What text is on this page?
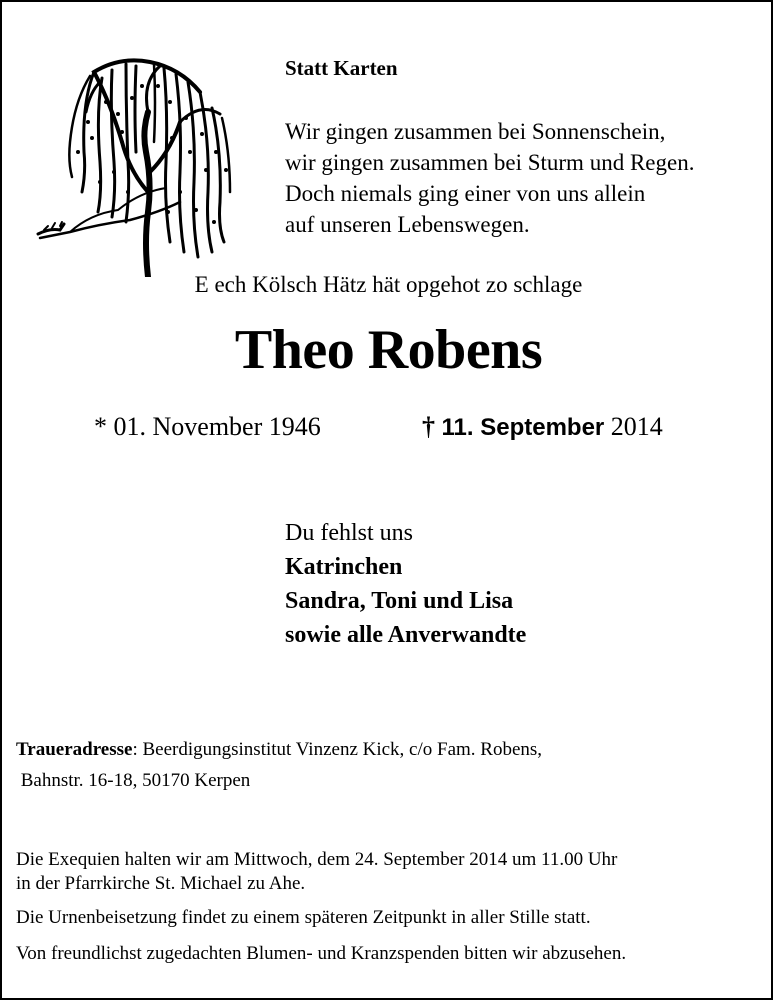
Statt Karten
Wir gingen zusammen bei Sonnenschein,
wir gingen zusammen bei Sturm und Regen.
Doch niemals ging einer von uns allein
auf unseren Lebenswegen.
E ech Kölsch Hätz hät opgehot zo schlage
Theo Robens
* 01. November 1946	† 11. September 2014
Du fehlst uns
Katrinchen
Sandra, Toni und Lisa
sowie alle Anverwandte
Traueradresse: Beerdigungsinstitut Vinzenz Kick, c/o Fam. Robens,
Bahnstr. 16-18, 50170 Kerpen
Die Exequien halten wir am Mittwoch, dem 24. September 2014 um 11.00 Uhr
in der Pfarrkirche St. Michael zu Ahe.
Die Urnenbeisetzung findet zu einem späteren Zeitpunkt in aller Stille statt.
Von freundlichst zugedachten Blumen- und Kranzspenden bitten wir abzusehen.
